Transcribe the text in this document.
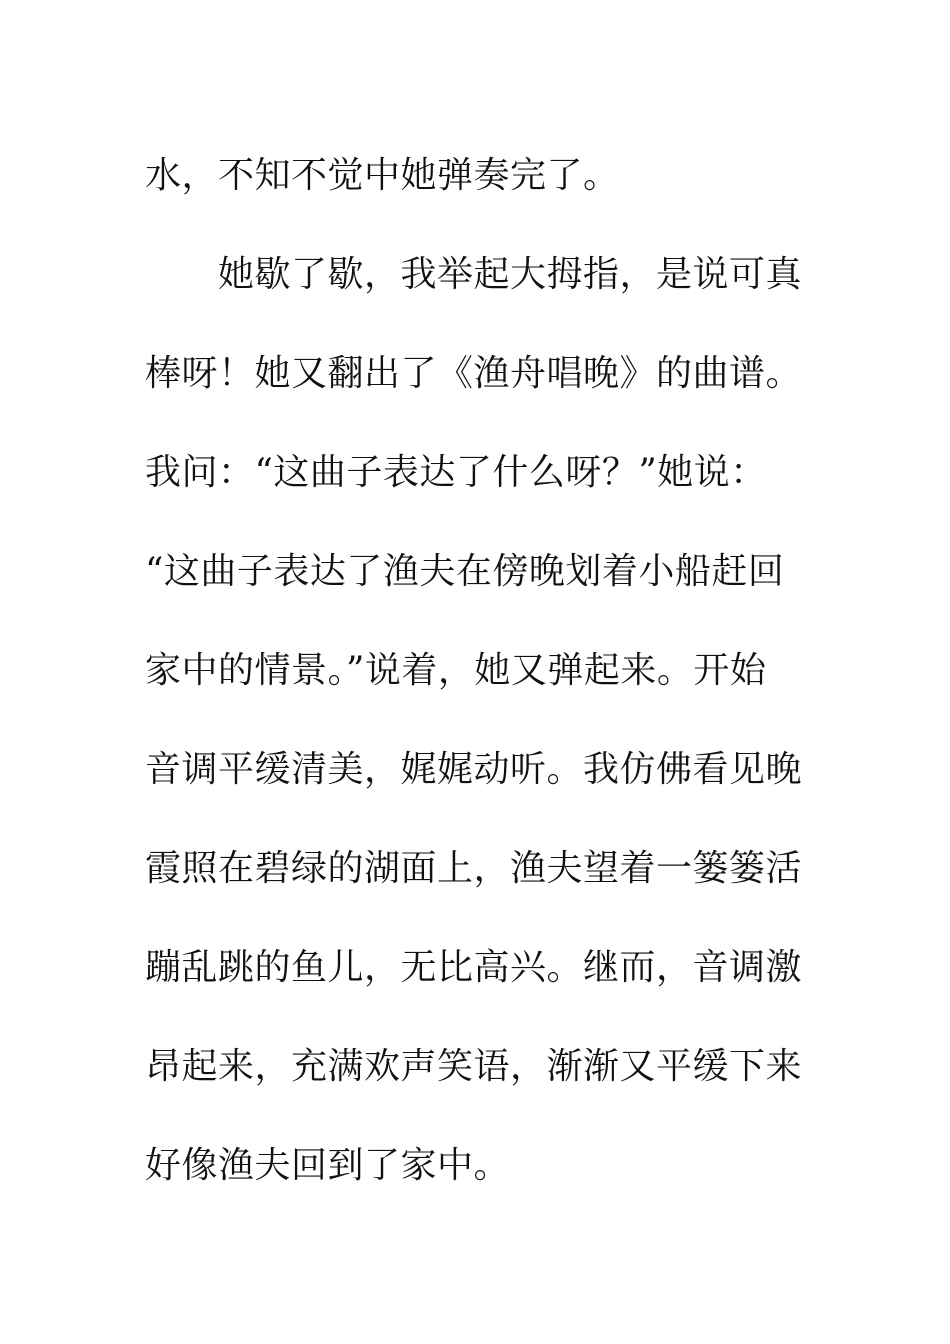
水，不知不觉中她弹奏完了。
　　她歇了歇，我举起大拇指，是说可真
棒呀！她又翻出了《渔舟唱晚》的曲谱。
我问：“这曲子表达了什么呀？”她说：
“这曲子表达了渔夫在傍晚划着小船赶回
家中的情景。”说着，她又弹起来。开始
音调平缓清美，娓娓动听。我仿佛看见晚
霞照在碧绿的湖面上，渔夫望着一篓篓活
蹦乱跳的鱼儿，无比高兴。继而，音调激
昂起来，充满欢声笑语，渐渐又平缓下来
好像渔夫回到了家中。
